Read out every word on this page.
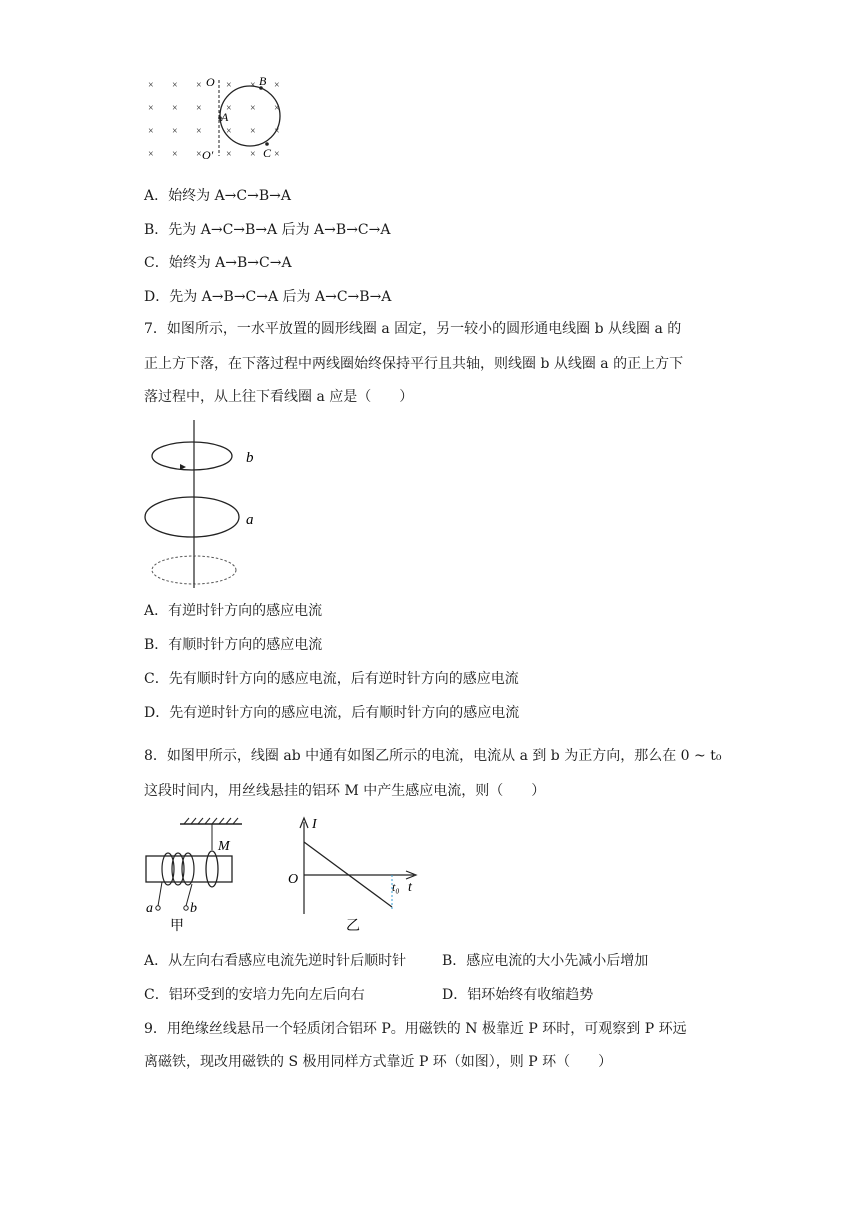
× × × × × ×
× × × × × ×
× × × × × ×
× × × × × ×
O
O′
A
B
C
A．始终为 A→C→B→A
B．先为 A→C→B→A 后为 A→B→C→A
C．始终为 A→B→C→A
D．先为 A→B→C→A 后为 A→C→B→A
7．如图所示，一水平放置的圆形线圈 a 固定，另一较小的圆形通电线圈 b 从线圈 a 的
正上方下落，在下落过程中两线圈始终保持平行且共轴，则线圈 b 从线圈 a 的正上方下
落过程中，从上往下看线圈 a 应是（　　）
b
a
A．有逆时针方向的感应电流
B．有顺时针方向的感应电流
C．先有顺时针方向的感应电流，后有逆时针方向的感应电流
D．先有逆时针方向的感应电流，后有顺时针方向的感应电流
8．如图甲所示，线圈 ab 中通有如图乙所示的电流，电流从 a 到 b 为正方向，那么在 0 ~ t₀
这段时间内，用丝线悬挂的铝环 M 中产生感应电流，则（　　）
M
a	b
甲
I
O	t₀ t
乙
A．从左向右看感应电流先逆时针后顺时针	B．感应电流的大小先减小后增加
C．铝环受到的安培力先向左后向右	D．铝环始终有收缩趋势
9．用绝缘丝线悬吊一个轻质闭合铝环 P。用磁铁的 N 极靠近 P 环时，可观察到 P 环远
离磁铁，现改用磁铁的 S 极用同样方式靠近 P 环（如图），则 P 环（　　）
